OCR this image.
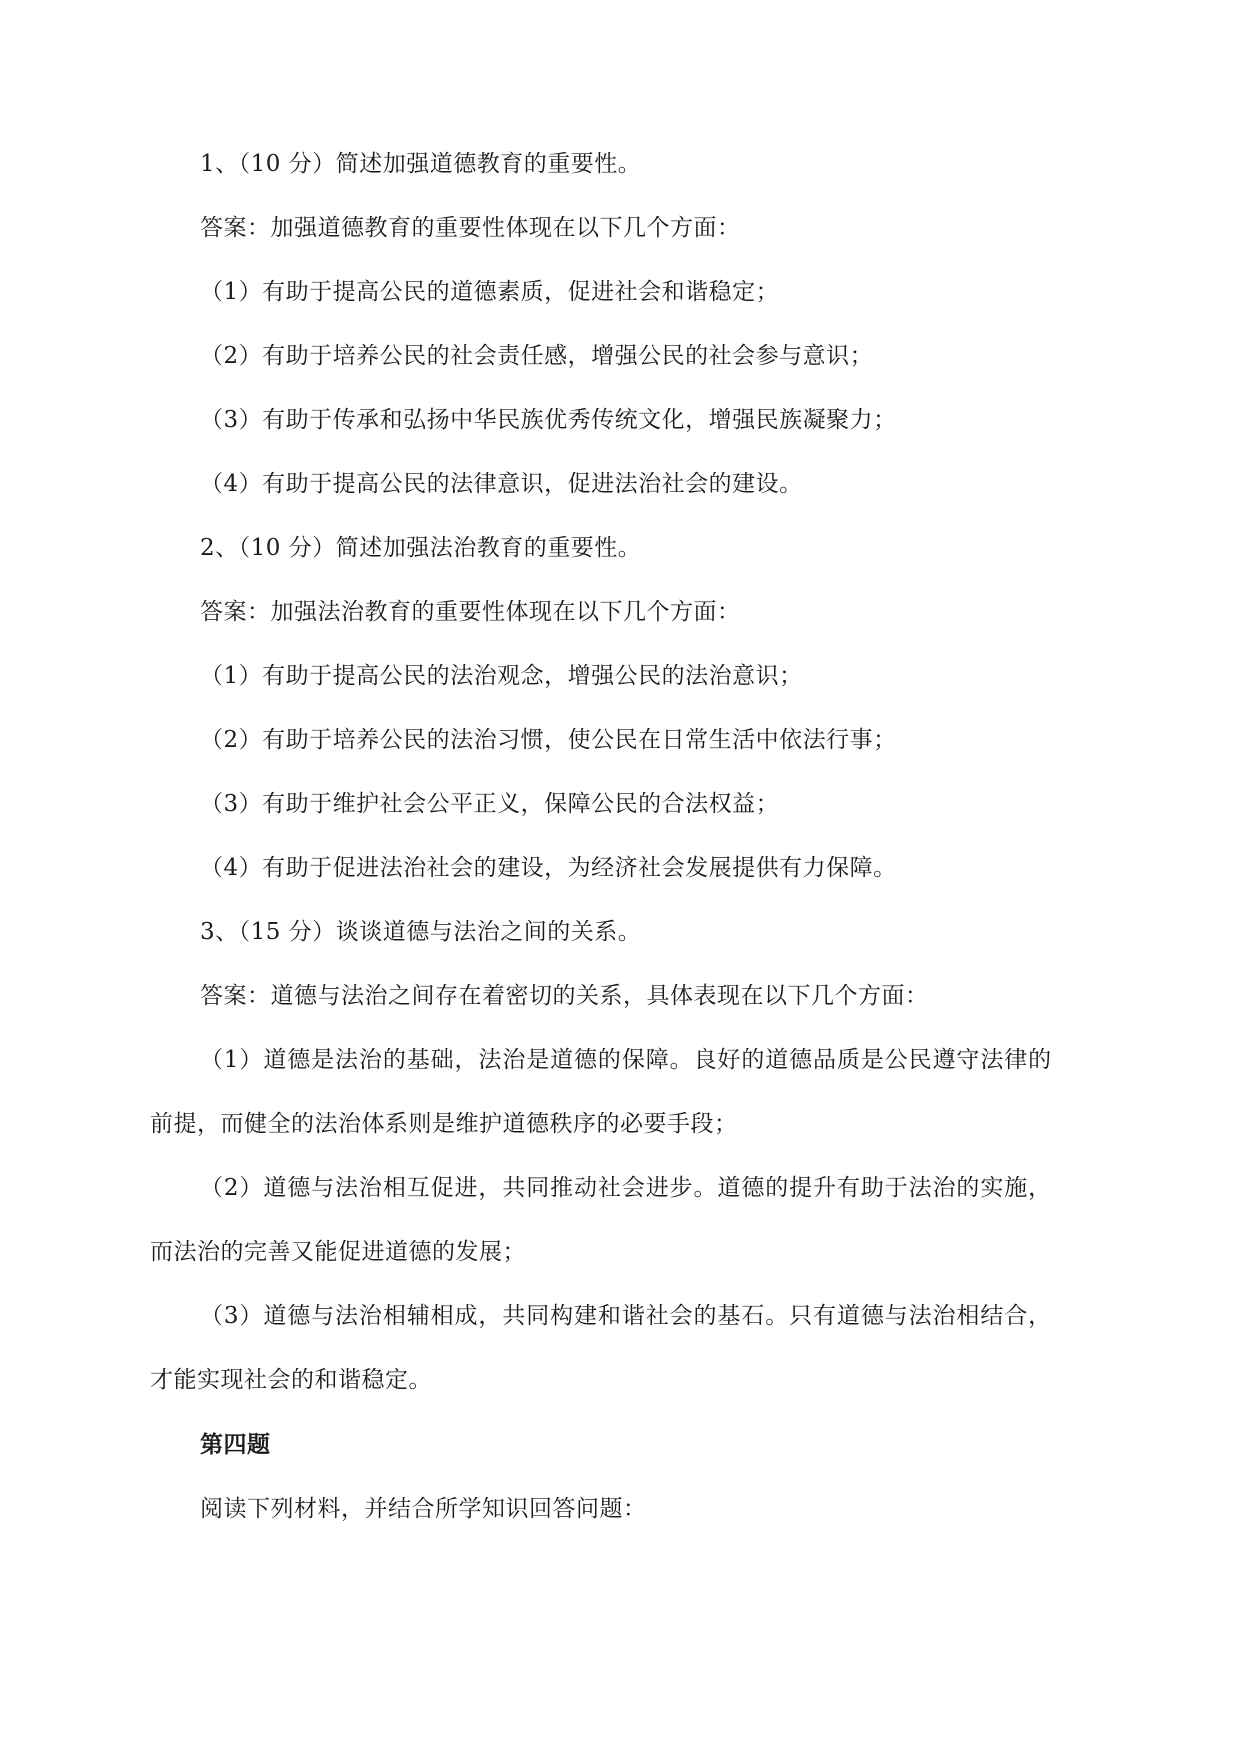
1、（10 分）简述加强道德教育的重要性。
答案：加强道德教育的重要性体现在以下几个方面：
（1）有助于提高公民的道德素质，促进社会和谐稳定；
（2）有助于培养公民的社会责任感，增强公民的社会参与意识；
（3）有助于传承和弘扬中华民族优秀传统文化，增强民族凝聚力；
（4）有助于提高公民的法律意识，促进法治社会的建设。
2、（10 分）简述加强法治教育的重要性。
答案：加强法治教育的重要性体现在以下几个方面：
（1）有助于提高公民的法治观念，增强公民的法治意识；
（2）有助于培养公民的法治习惯，使公民在日常生活中依法行事；
（3）有助于维护社会公平正义，保障公民的合法权益；
（4）有助于促进法治社会的建设，为经济社会发展提供有力保障。
3、（15 分）谈谈道德与法治之间的关系。
答案：道德与法治之间存在着密切的关系，具体表现在以下几个方面：
（1）道德是法治的基础，法治是道德的保障。良好的道德品质是公民遵守法律的
前提，而健全的法治体系则是维护道德秩序的必要手段；
（2）道德与法治相互促进，共同推动社会进步。道德的提升有助于法治的实施，
而法治的完善又能促进道德的发展；
（3）道德与法治相辅相成，共同构建和谐社会的基石。只有道德与法治相结合，
才能实现社会的和谐稳定。
第四题
阅读下列材料，并结合所学知识回答问题：
